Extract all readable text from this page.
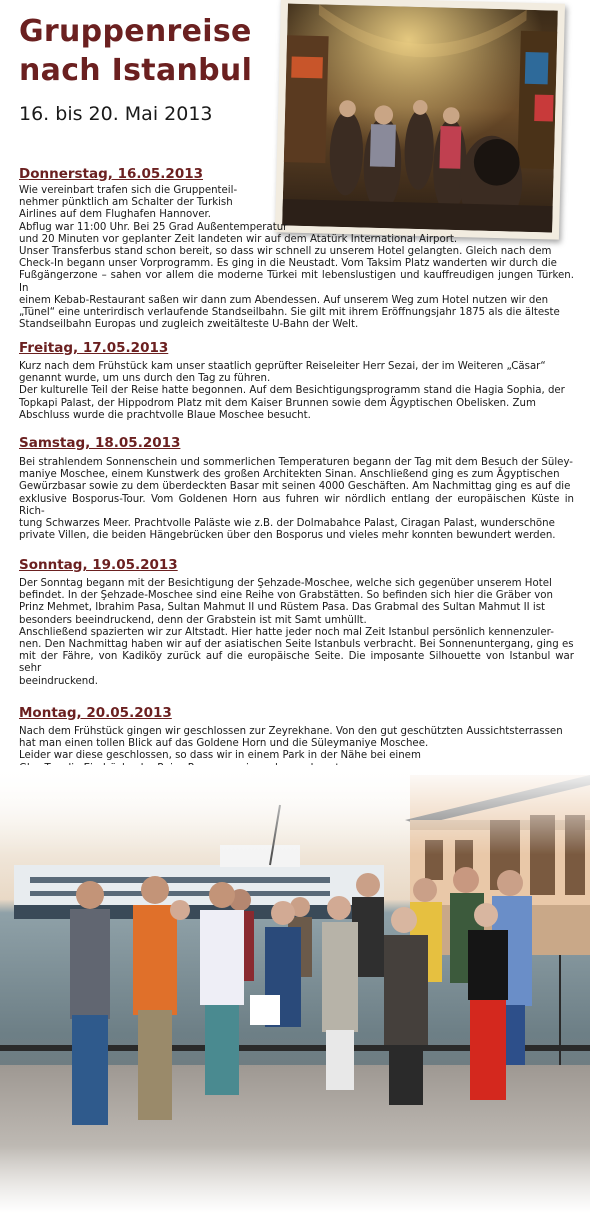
Gruppenreise
nach Istanbul
16. bis 20. Mai 2013
Donnerstag, 16.05.2013

Wie vereinbart trafen sich die Gruppenteil-

nehmer pünktlich am Schalter der Turkish

Airlines auf dem Flughafen Hannover.

Abflug war 11:00 Uhr. Bei 25 Grad Außentemperatur

und 20 Minuten vor geplanter Zeit landeten wir auf dem Atatürk International Airport.

Unser Transferbus stand schon bereit, so dass wir schnell zu unserem Hotel gelangten. Gleich nach dem

Check-In begann unser Vorprogramm. Es ging in die Neustadt. Vom Taksim Platz wanderten wir durch die

Fußgängerzone – sahen vor allem die moderne Türkei mit lebenslustigen und kauffreudigen jungen Türken. In

einem Kebab-Restaurant saßen wir dann zum Abendessen. Auf unserem Weg zum Hotel nutzen wir den

„Tünel“ eine unterirdisch verlaufende Standseilbahn. Sie gilt mit ihrem Eröffnungsjahr 1875 als die älteste

Standseilbahn Europas und zugleich zweitälteste U-Bahn der Welt.

Freitag, 17.05.2013

Kurz nach dem Frühstück kam unser staatlich geprüfter Reiseleiter Herr Sezai, der im Weiteren „Cäsar“

genannt wurde, um uns durch den Tag zu führen.

Der kulturelle Teil der Reise hatte begonnen. Auf dem Besichtigungsprogramm stand die Hagia Sophia, der

Topkapi Palast, der Hippodrom Platz mit dem Kaiser Brunnen sowie dem Ägyptischen Obelisken. Zum

Abschluss wurde die prachtvolle Blaue Moschee besucht.

Samstag, 18.05.2013

Bei strahlendem Sonnenschein und sommerlichen Temperaturen begann der Tag mit dem Besuch der Süley-

maniye Moschee, einem Kunstwerk des großen Architekten Sinan. Anschließend ging es zum Ägyptischen

Gewürzbasar sowie zu dem überdeckten Basar mit seinen 4000 Geschäften. Am Nachmittag ging es auf die

exklusive Bosporus-Tour. Vom Goldenen Horn aus fuhren wir nördlich entlang der europäischen Küste in Rich-

tung Schwarzes Meer. Prachtvolle Paläste wie z.B. der Dolmabahce Palast, Ciragan Palast, wunderschöne

private Villen, die beiden Hängebrücken über den Bosporus und vieles mehr konnten bewundert werden.

Sonntag, 19.05.2013

Der Sonntag begann mit der Besichtigung der Şehzade-Moschee, welche sich gegenüber unserem Hotel

befindet. In der Şehzade-Moschee sind eine Reihe von Grabstätten. So befinden sich hier die Gräber von

Prinz Mehmet, Ibrahim Pasa, Sultan Mahmut II und Rüstem Pasa. Das Grabmal des Sultan Mahmut II ist

besonders beeindruckend, denn der Grabstein ist mit Samt umhüllt.

Anschließend spazierten wir zur Altstadt. Hier hatte jeder noch mal Zeit Istanbul persönlich kennenzuler-

nen. Den Nachmittag haben wir auf der asiatischen Seite Istanbuls verbracht. Bei Sonnenuntergang, ging es

mit der Fähre, von Kadiköy zurück auf die europäische Seite. Die imposante Silhouette von Istanbul war sehr

beeindruckend.

Montag, 20.05.2013

Nach dem Frühstück gingen wir geschlossen zur Zeyrekhane. Von den gut geschützten Aussichtsterrassen

hat man einen tollen Blick auf das Goldene Horn und die Süleymaniye Moschee.

Leider war diese geschlossen, so dass wir in einem Park in der Nähe bei einem
